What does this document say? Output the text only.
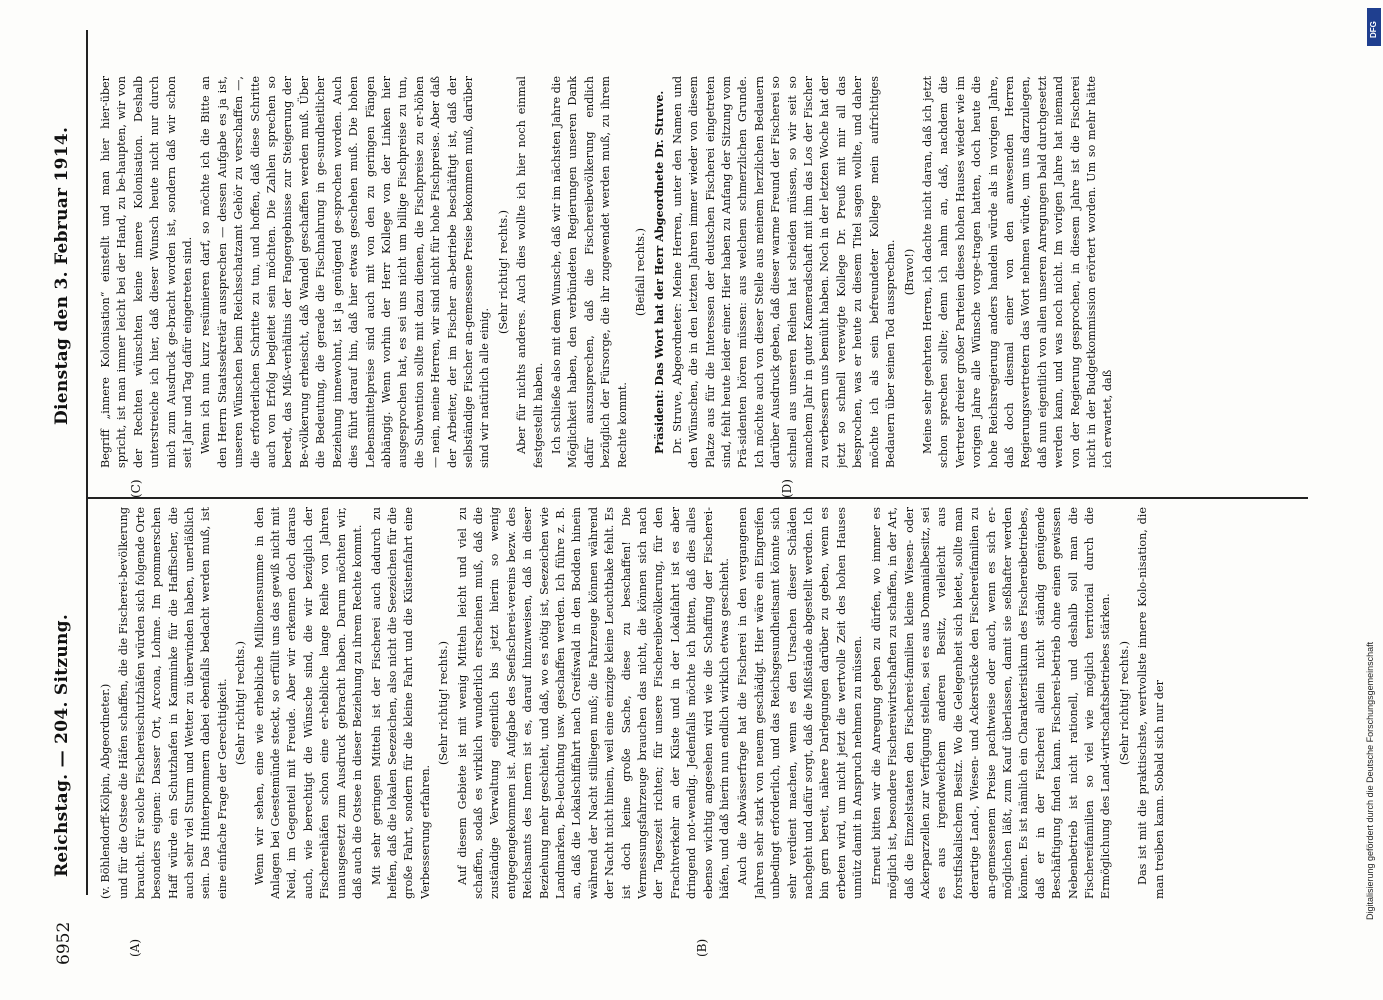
6952
Reichstag. — 204. Sitzung.
Dienstag den 3. Februar 1914.
(A)	(B)
(C)	(D)

(v. Böhlendorff-Kölpin, Abgeordneter.) und für die Ostsee die Häfen schaffen, die die Fischerei-bevölkerung braucht. Für solche Fischereischutzhäfen würden sich folgende Orte besonders eignen: Dasser Ort, Arcona, Lohme. Im pommerschen Haff würde ein Schutzhafen in Kamminke für die Haffischer, die auch sehr viel Sturm und Wetter zu überwinden haben, unerläßlich sein. Das Hinterpommern dabei ebenfalls bedacht werden muß, ist eine einfache Frage der Gerechtigkeit. (Sehr richtig! rechts.) Wenn wir sehen, eine wie erhebliche Millionensumme in den Anlagen bei Geestemünde steckt, so erfüllt uns das gewiß nicht mit Neid, im Gegenteil mit Freude. Aber wir erkennen doch daraus auch, wie berechtigt die Wünsche sind, die wir bezüglich der Fischereihäfen schon eine er-hebliche lange Reihe von Jahren unausgesetzt zum Ausdruck gebracht haben. Darum möchten wir, daß auch die Ostsee in dieser Beziehung zu ihrem Rechte kommt. Mit sehr geringen Mitteln ist der Fischerei auch dadurch zu helfen, daß die lokalen Seezeichen, also nicht die Seezeichen für die große Fahrt, sondern für die kleine Fahrt und die Küstenfahrt eine Verbesserung erfahren.

(Sehr richtig! rechts.) Auf diesem Gebiete ist mit wenig Mitteln leicht und viel zu schaffen, sodaß es wirklich wunderlich erscheinen muß, daß die zuständige Verwaltung eigentlich bis jetzt hierin so wenig entgegengekommen ist. Aufgabe des Seefischerei-vereins bezw. des Reichsamts des Innern ist es, darauf hinzuweisen, daß in dieser Beziehung mehr geschieht, und daß, wo es nötig ist, Seezeichen wie Landmarken, Be-leuchtung usw. geschaffen werden. Ich führe z. B. an, daß die Lokalschiffahrt nach Greifswald in den Bodden hinein während der Nacht stilliegen muß; die Fahrzeuge können während der Nacht nicht hinein, weil eine einzige kleine Leuchtbake fehlt. Es ist doch keine große Sache, diese zu beschaffen! Die Vermessungsfahrzeuge brauchen das nicht, die können sich nach der Tageszeit richten; für unsere Fischereibevölkerung, für den Frachtverkehr an der Küste und in der Lokalfahrt ist es aber dringend not-wendig. Jedenfalls möchte ich bitten, daß dies alles ebenso wichtig angesehen wird wie die Schaffung der Fischerei-häfen, und daß hierin nun endlich wirklich etwas geschieht. Auch die Abwässerfrage hat die Fischerei in den vergangenen Jahren sehr stark von neuem geschädigt. Hier wäre ein Eingreifen unbedingt erforderlich, und das Reichsgesundheitsamt könnte sich sehr verdient machen, wenn es den Ursachen dieser Schäden nachgeht und dafür sorgt, daß die Mißstände abgestellt werden. Ich bin gern bereit, nähere Darlegungen darüber zu geben, wenn es erbeten wird, um nicht jetzt die wertvolle Zeit des hohen Hauses unnütz damit in Anspruch nehmen zu müssen. Erneut bitten wir die Anregung geben zu dürfen, wo immer es möglich ist, besondere Fischereiwirtschaften zu schaffen, in der Art, daß die Einzelstaaten den Fischerei-familien kleine Wiesen- oder Ackerparzellen zur Verfügung stellen, sei es aus Domanialbesitz, sei es aus irgendwelchem anderen Besitz, vielleicht aus forstfiskalischem Besitz. Wo die Gelegenheit sich bietet, sollte man derartige Land-, Wiesen- und Ackerstücke den Fischereifamilien zu an-gemessenem Preise pachtweise oder auch, wenn es sich er-möglichen läßt, zum Kauf überlassen, damit sie seßhafter werden können. Es ist nämlich ein Charakteristikum des Fischereibetriebes, daß er in der Fischerei allein nicht ständig genügende Beschäftigung finden kann. Fischerei-betrieb ohne einen gewissen Nebenbetrieb ist nicht rationell, und deshalb soll man die Fischereifamilien so viel wie möglich territorial durch die Ermöglichung des Land-wirtschaftsbetriebes stärken. (Sehr richtig! rechts.) Das ist mit die praktischste, wertvollste innere Kolo-nisation, die man treiben kann. Sobald sich nur der

Begriff „innere Kolonisation“ einstellt und man hier hier-über spricht, ist man immer leicht bei der Hand, zu be-haupten, wir von der Rechten wünschten keine innere Kolonisation. Deshalb unterstreiche ich hier, daß dieser Wunsch heute nicht nur durch mich zum Ausdruck ge-bracht worden ist, sondern daß wir schon seit Jahr und Tag dafür eingetreten sind. Wenn ich nun kurz resümieren darf, so möchte ich die Bitte an den Herrn Staatssekretär aussprechen — dessen Aufgabe es ja ist, unseren Wünschen beim Reichsschatzamt Gehör zu verschaffen —, die erforderlichen Schritte zu tun, und hoffen, daß diese Schritte auch von Erfolg begleitet sein möchten. Die Zahlen sprechen so beredt, das Miß-verhältnis der Fangergebnisse zur Steigerung der Be-völkerung erheischt, daß Wandel geschaffen werden muß. Über die Bedeutung, die gerade die Fischnahrung in ge-sundheitlicher Beziehung innewohnt, ist ja genügend ge-sprochen worden. Auch dies führt darauf hin, daß hier etwas geschehen muß. Die hohen Lebensmittelpreise sind auch mit von den zu geringen Fängen abhängig. Wenn vorhin der Herr Kollege von der Linken hier ausgesprochen hat, es sei uns nicht um billige Fischpreise zu tun, die Subvention sollte mit dazu dienen, die Fischpreise zu er-höhen — nein, meine Herren, wir sind nicht für hohe Fischpreise. Aber daß der Arbeiter, der im Fischer an-betriebe beschäftigt ist, daß der selbständige Fischer an-gemessene Preise bekommen muß, darüber sind wir natürlich alle einig.

(Sehr richtig! rechts.) Aber für nichts anderes. Auch dies wollte ich hier noch einmal festgestellt haben. Ich schließe also mit dem Wunsche, daß wir im nächsten Jahre die Möglichkeit haben, den verbündeten Regierungen unseren Dank dafür auszusprechen, daß die Fischereibevölkerung endlich bezüglich der Fürsorge, die ihr zugewendet werden muß, zu ihrem Rechte kommt.

(Beifall rechts.) Präsident: Das Wort hat der Herr Abgeordnete Dr. Struve. Dr. Struve, Abgeordneter: Meine Herren, unter den Namen und den Wünschen, die in den letzten Jahren immer wieder von diesem Platze aus für die Interessen der deutschen Fischerei eingetreten sind, fehlt heute leider einer. Hier haben zu Anfang der Sitzung vom Prä-sidenten hören müssen: aus welchem schmerzlichen Grunde. Ich möchte auch von dieser Stelle aus meinem herzlichen Bedauern darüber Ausdruck geben, daß dieser warme Freund der Fischerei so schnell aus unseren Reihen hat scheiden müssen, so wir seit so manchem Jahr in guter Kameradschaft mit ihm das Los der Fischer zu verbessern uns bemüht haben. Noch in der letzten Woche hat der jetzt so schnell verewigte Kollege Dr. Preuß mit mir all das besprochen, was er heute zu diesem Titel sagen wollte, und daher möchte ich als sein befreundeter Kollege mein aufrichtiges Bedauern über seinen Tod aussprechen. (Bravo!) Meine sehr geehrten Herren, ich dachte nicht daran, daß ich jetzt schon sprechen sollte; denn ich nahm an, daß, nachdem die Vertreter dreier großer Parteien dieses hohen Hauses wieder wie im vorigen Jahre alle Wünsche vorge-tragen hatten, doch heute die hohe Reichsregierung anders handeln würde als in vorigen Jahre, daß doch diesmal einer von den anwesenden Herren Regierungsvertretern das Wort nehmen würde, um uns darzulegen, daß nun eigentlich von allen unseren Anregungen bald durchgesetzt werden kann, und was noch nicht. Im vorigen Jahre hat niemand von der Regierung gesprochen, in diesem Jahre ist die Fischerei nicht in der Budgetkommission erörtert worden. Um so mehr hätte ich erwartet, daß

Digitalisierung gefördert durch die Deutsche Forschungsgemeinschaft
DFG
